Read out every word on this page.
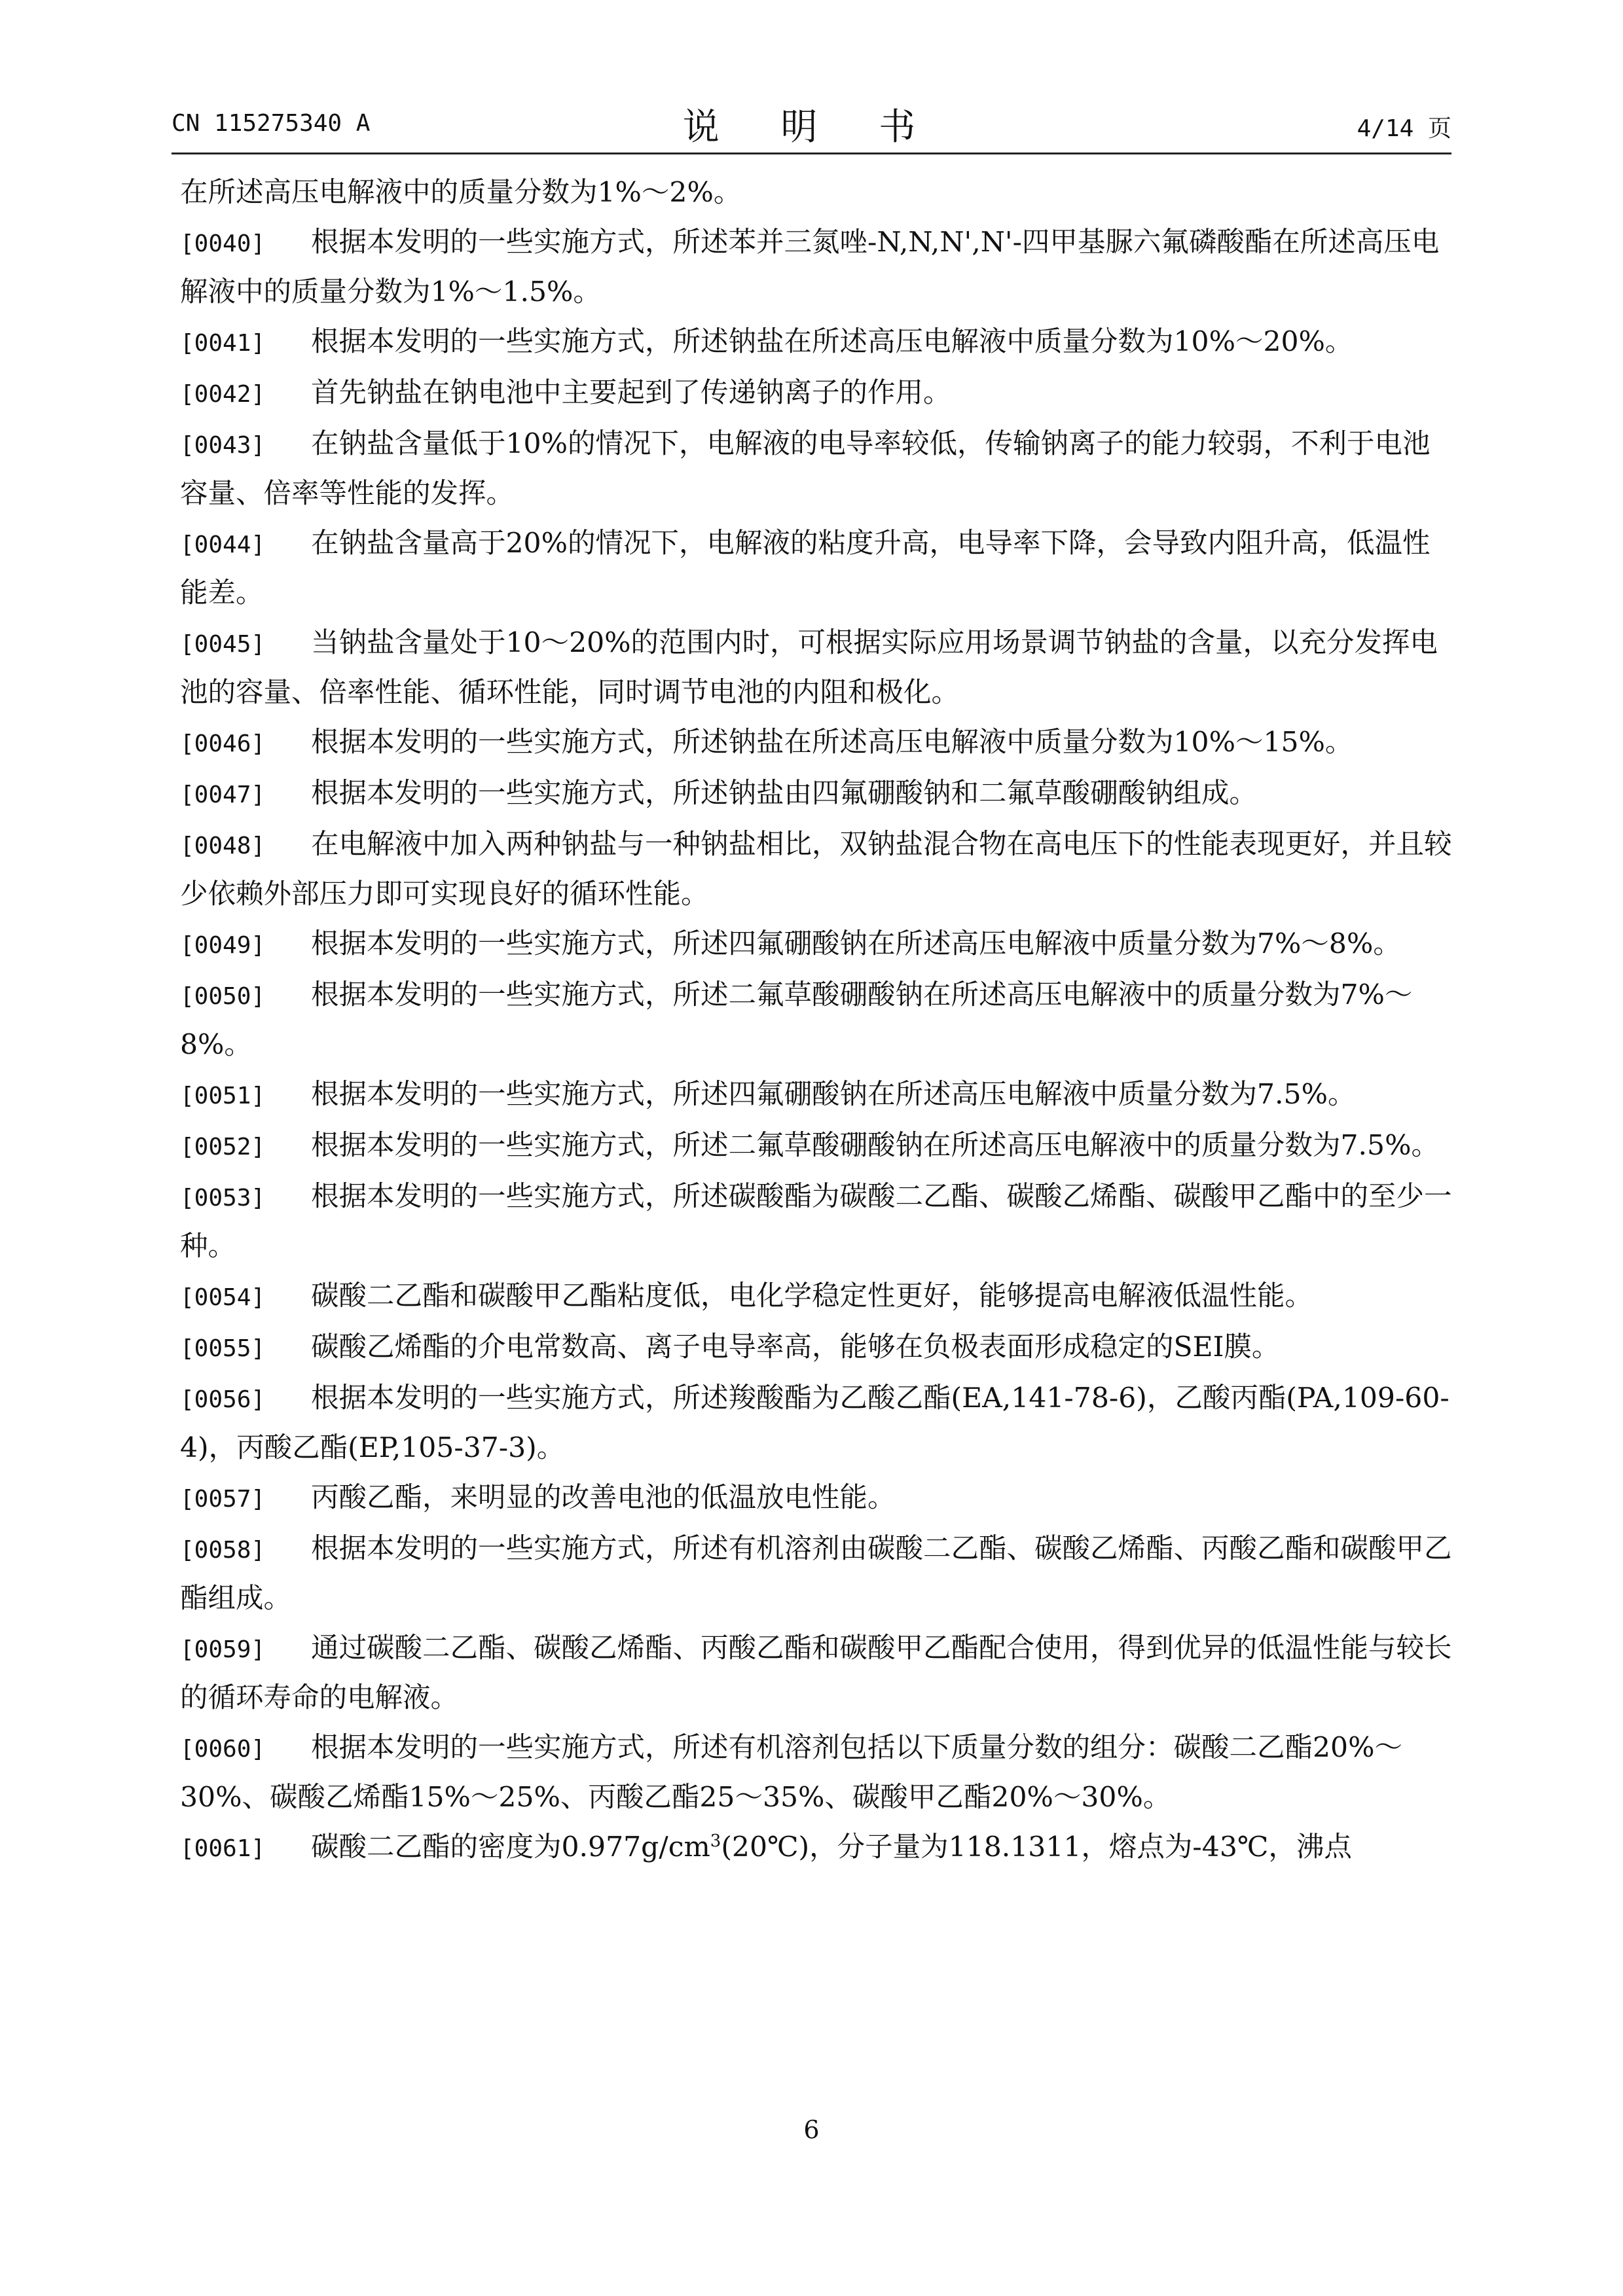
CN 115275340 A	说 明 书	4/14 页

在所述高压电解液中的质量分数为1%～2%。

[0040] 根据本发明的一些实施方式，所述苯并三氮唑-N,N,N',N'-四甲基脲六氟磷酸酯在所述高压电解液中的质量分数为1%～1.5%。

[0041] 根据本发明的一些实施方式，所述钠盐在所述高压电解液中质量分数为10%～20%。

[0042] 首先钠盐在钠电池中主要起到了传递钠离子的作用。

[0043] 在钠盐含量低于10%的情况下，电解液的电导率较低，传输钠离子的能力较弱，不利于电池容量、倍率等性能的发挥。

[0044] 在钠盐含量高于20%的情况下，电解液的粘度升高，电导率下降，会导致内阻升高，低温性能差。

[0045] 当钠盐含量处于10～20%的范围内时，可根据实际应用场景调节钠盐的含量，以充分发挥电池的容量、倍率性能、循环性能，同时调节电池的内阻和极化。

[0046] 根据本发明的一些实施方式，所述钠盐在所述高压电解液中质量分数为10%～15%。

[0047] 根据本发明的一些实施方式，所述钠盐由四氟硼酸钠和二氟草酸硼酸钠组成。

[0048] 在电解液中加入两种钠盐与一种钠盐相比，双钠盐混合物在高电压下的性能表现更好，并且较少依赖外部压力即可实现良好的循环性能。

[0049] 根据本发明的一些实施方式，所述四氟硼酸钠在所述高压电解液中质量分数为7%～8%。

[0050] 根据本发明的一些实施方式，所述二氟草酸硼酸钠在所述高压电解液中的质量分数为7%～8%。

[0051] 根据本发明的一些实施方式，所述四氟硼酸钠在所述高压电解液中质量分数为7.5%。

[0052] 根据本发明的一些实施方式，所述二氟草酸硼酸钠在所述高压电解液中的质量分数为7.5%。

[0053] 根据本发明的一些实施方式，所述碳酸酯为碳酸二乙酯、碳酸乙烯酯、碳酸甲乙酯中的至少一种。

[0054] 碳酸二乙酯和碳酸甲乙酯粘度低，电化学稳定性更好，能够提高电解液低温性能。

[0055] 碳酸乙烯酯的介电常数高、离子电导率高，能够在负极表面形成稳定的SEI膜。

[0056] 根据本发明的一些实施方式，所述羧酸酯为乙酸乙酯(EA,141-78-6)，乙酸丙酯(PA,109-60-4)，丙酸乙酯(EP,105-37-3)。

[0057] 丙酸乙酯，来明显的改善电池的低温放电性能。

[0058] 根据本发明的一些实施方式，所述有机溶剂由碳酸二乙酯、碳酸乙烯酯、丙酸乙酯和碳酸甲乙酯组成。

[0059] 通过碳酸二乙酯、碳酸乙烯酯、丙酸乙酯和碳酸甲乙酯配合使用，得到优异的低温性能与较长的循环寿命的电解液。

[0060] 根据本发明的一些实施方式，所述有机溶剂包括以下质量分数的组分：碳酸二乙酯20%～30%、碳酸乙烯酯15%～25%、丙酸乙酯25～35%、碳酸甲乙酯20%～30%。

[0061] 碳酸二乙酯的密度为$0.977g/cm^3(20℃)$，分子量为118.1311，熔点为-43℃，沸点

6
